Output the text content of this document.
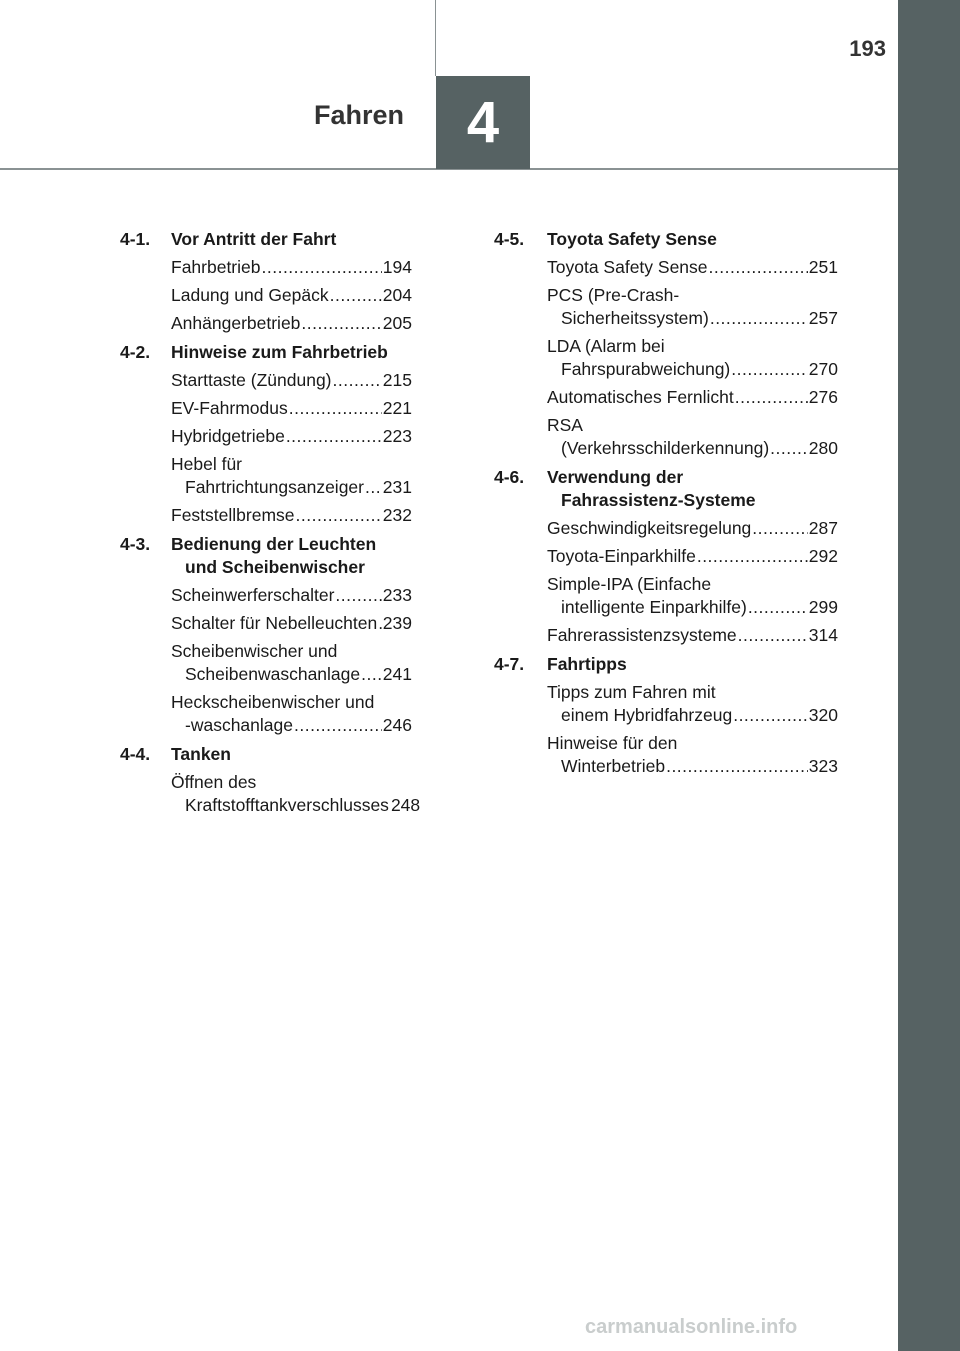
4
Fahren
193
4-1. Vor Antritt der Fahrt
Fahrbetrieb .....	194
Ladung und Gepäck .....	204
Anhängerbetrieb .....	205
4-2. Hinweise zum Fahrbetrieb
Starttaste (Zündung) .....	215
EV-Fahrmodus .....	221
Hybridgetriebe .....	223
Hebel für
Fahrtrichtungsanzeiger ..... 231
Feststellbremse .....	232
4-3. Bedienung der Leuchten
und Scheibenwischer
Scheinwerferschalter .....	233
Schalter für Nebelleuchten ..... 239
Scheibenwischer und
Scheibenwaschanlage ..... 241
Heckscheibenwischer und
-waschanlage .....	246
4-4. Tanken
Öffnen des
Kraftstofftankverschlusses 248
4-5. Toyota Safety Sense
Toyota Safety Sense .....	251
PCS (Pre-Crash-
Sicherheitssystem) .....	257
LDA (Alarm bei
Fahrspurabweichung) .....	270
Automatisches Fernlicht .....	276
RSA
(Verkehrsschilderkennung) ..... 280
4-6. Verwendung der
Fahrassistenz-Systeme
Geschwindigkeitsregelung .....	287
Toyota-Einparkhilfe .....	292
Simple-IPA (Einfache
intelligente Einparkhilfe) .....	299
Fahrerassistenzsysteme .....	314
4-7. Fahrtipps
Tipps zum Fahren mit
einem Hybridfahrzeug .....	320
Hinweise für den
Winterbetrieb .....	323
carmanualsonline.info
